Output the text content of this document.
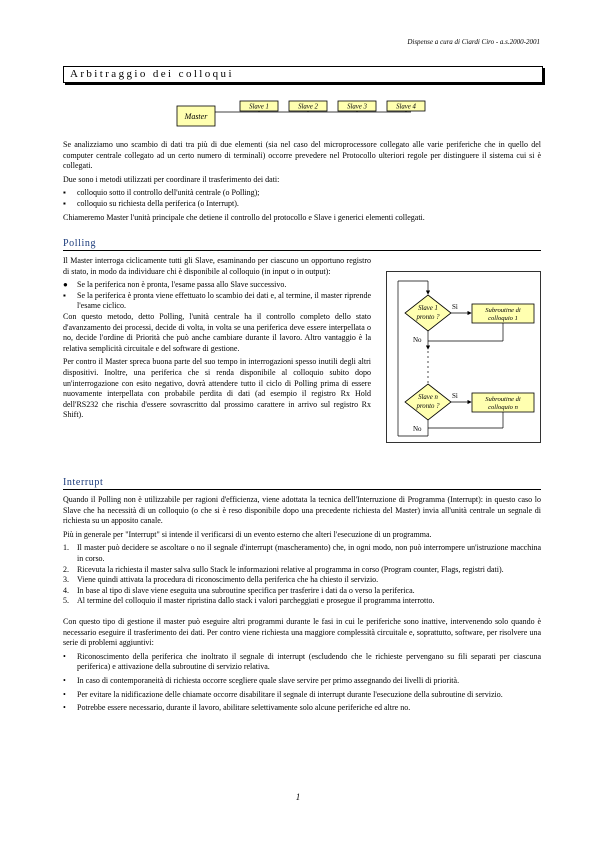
Dispense a cura di Ciardi Ciro - a.s.2000-2001
Arbitraggio dei colloqui
Master
Slave 1	Slave 2	Slave 3	Slave 4

Se analizziamo uno scambio di dati tra più di due elementi (sia nel caso del microprocessore collegato alle varie periferiche che in quello del computer centrale collegato ad un certo numero di terminali) occorre prevedere nel Protocollo ulteriori regole per distinguere il sistema cui si è collegati.

Due sono i metodi utilizzati per coordinare il trasferimento dei dati:

▪ colloquio sotto il controllo dell'unità centrale (o Polling);
▪ colloquio su richiesta della periferica (o Interrupt).

Chiameremo Master l'unità principale che detiene il controllo del protocollo e Slave i generici elementi collegati.

Polling

Il Master interroga ciclicamente tutti gli Slave, esaminando per ciascuno un opportuno registro di stato, in modo da individuare chi è disponibile al colloquio (in input o in output):

● Se la periferica non è pronta, l'esame passa allo Slave successivo.
▪ Se la periferica è pronta viene effettuato lo scambio dei dati e, al termine, il master riprende l'esame ciclico.

Con questo metodo, detto Polling, l'unità centrale ha il controllo completo dello stato d'avanzamento dei processi, decide di volta, in volta se una periferica deve essere interpellata o no, decide l'ordine di Priorità che può anche cambiare durante il lavoro. Altro vantaggio è la relativa semplicità circuitale e del software di gestione.

Per contro il Master spreca buona parte del suo tempo in interrogazioni spesso inutili degli altri dispositivi. Inoltre, una periferica che si renda disponibile al colloquio subito dopo un'interrogazione con esito negativo, dovrà attendere tutto il ciclo di Polling prima di essere nuovamente interpellata con probabile perdita di dati (ad esempio il registro Rx Hold dell'RS232 che rischia d'essere sovrascritto dal prossimo carattere in arrivo sul registro Rx Shift).

Slave 1
pronto ?
Sì	Subroutine di
colloquio 1
No
Slave n
pronto ?
Sì	Subroutine di
colloquio n
No
Interrupt

Quando il Polling non è utilizzabile per ragioni d'efficienza, viene adottata la tecnica dell'Interruzione di Programma (Interrupt): in questo caso lo Slave che ha necessità di un colloquio (o che si è reso disponibile dopo una precedente richiesta del Master) invia all'unità centrale un segnale di richiesta su un apposito canale.

Più in generale per "Interrupt" si intende il verificarsi di un evento esterno che alteri l'esecuzione di un programma.

1. Il master può decidere se ascoltare o no il segnale d'interrupt (mascheramento) che, in ogni modo, non può interrompere un'istruzione macchina in corso.
2. Ricevuta la richiesta il master salva sullo Stack le informazioni relative al programma in corso (Program counter, Flags, registri dati).
3. Viene quindi attivata la procedura di riconoscimento della periferica che ha chiesto il servizio.
4. In base al tipo di slave viene eseguita una subroutine specifica per trasferire i dati da o verso la periferica.
5. Al termine del colloquio il master ripristina dallo stack i valori parcheggiati e prosegue il programma interrotto.

Con questo tipo di gestione il master può eseguire altri programmi durante le fasi in cui le periferiche sono inattive, intervenendo solo quando è necessario eseguire il trasferimento dei dati. Per contro viene richiesta una maggiore complessità circuitale e, soprattutto, software, per risolvere una serie di problemi aggiuntivi:

• Riconoscimento della periferica che inoltrato il segnale di interrupt (escludendo che le richieste pervengano su fili separati per ciascuna periferica) e attivazione della subroutine di servizio relativa.
• In caso di contemporaneità di richiesta occorre scegliere quale slave servire per primo assegnando dei livelli di priorità.
• Per evitare la nidificazione delle chiamate occorre disabilitare il segnale di interrupt durante l'esecuzione della subroutine di servizio.
• Potrebbe essere necessario, durante il lavoro, abilitare selettivamente solo alcune periferiche ed altre no.
1
